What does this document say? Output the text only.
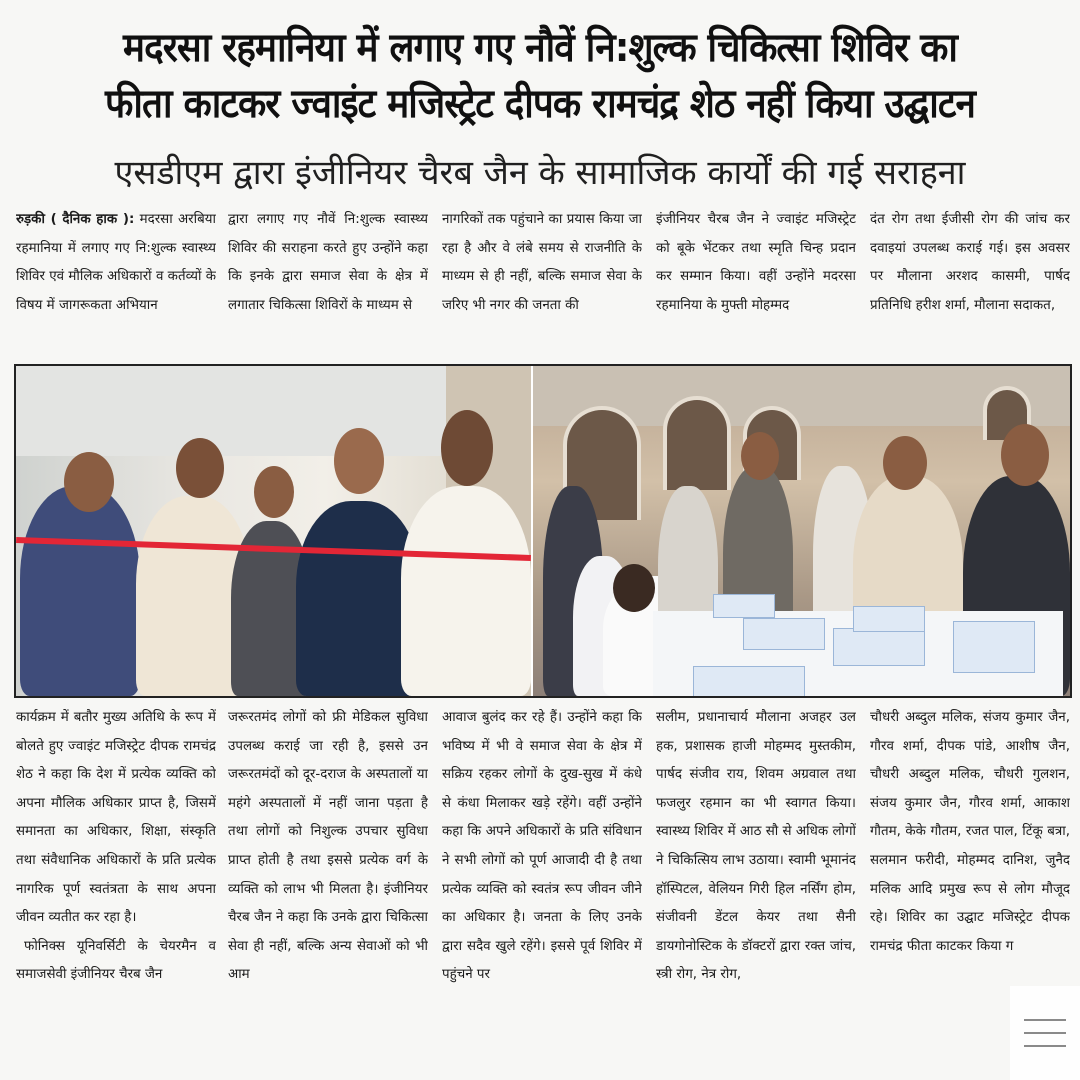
मदरसा रहमानिया में लगाए गए नौवें नि:शुल्क चिकित्सा शिविर का
फीता काटकर ज्वाइंट मजिस्ट्रेट दीपक रामचंद्र शेठ नहीं किया उद्घाटन
एसडीएम द्वारा इंजीनियर चैरब जैन के सामाजिक कार्यों की गई सराहना

रुड़की ( दैनिक हाक ): मदरसा अरबिया रहमानिया में लगाए गए नि:शुल्क स्वास्थ्य शिविर एवं मौलिक अधिकारों व कर्तव्यों के विषय में जागरूकता अभियान

द्वारा लगाए गए नौवें नि:शुल्क स्वास्थ्य शिविर की सराहना करते हुए उन्होंने कहा कि इनके द्वारा समाज सेवा के क्षेत्र में लगातार चिकित्सा शिविरों के माध्यम से

नागरिकों तक पहुंचाने का प्रयास किया जा रहा है और वे लंबे समय से राजनीति के माध्यम से ही नहीं, बल्कि समाज सेवा के जरिए भी नगर की जनता की

इंजीनियर चैरब जैन ने ज्वाइंट मजिस्ट्रेट को बूके भेंटकर तथा स्मृति चिन्ह प्रदान कर सम्मान किया। वहीं उन्होंने मदरसा रहमानिया के मुफ्ती मोहम्मद

दंत रोग तथा ईजीसी रोग की जांच कर दवाइयां उपलब्ध कराई गई। इस अवसर पर मौलाना अरशद कासमी, पार्षद प्रतिनिधि हरीश शर्मा, मौलाना सदाकत,

कार्यक्रम में बतौर मुख्य अतिथि के रूप में बोलते हुए ज्वाइंट मजिस्ट्रेट दीपक रामचंद्र शेठ ने कहा कि देश में प्रत्येक व्यक्ति को अपना मौलिक अधिकार प्राप्त है, जिसमें समानता का अधिकार, शिक्षा, संस्कृति तथा संवैधानिक अधिकारों के प्रति प्रत्येक नागरिक पूर्ण स्वतंत्रता के साथ अपना जीवन व्यतीत कर रहा है।

फोनिक्स यूनिवर्सिटी के चेयरमैन व समाजसेवी इंजीनियर चैरब जैन

जरूरतमंद लोगों को फ्री मेडिकल सुविधा उपलब्ध कराई जा रही है, इससे उन जरूरतमंदों को दूर-दराज के अस्पतालों या महंगे अस्पतालों में नहीं जाना पड़ता है तथा लोगों को निशुल्क उपचार सुविधा प्राप्त होती है तथा इससे प्रत्येक वर्ग के व्यक्ति को लाभ भी मिलता है। इंजीनियर चैरब जैन ने कहा कि उनके द्वारा चिकित्सा सेवा ही नहीं, बल्कि अन्य सेवाओं को भी आम

आवाज बुलंद कर रहे हैं। उन्होंने कहा कि भविष्य में भी वे समाज सेवा के क्षेत्र में सक्रिय रहकर लोगों के दुख-सुख में कंधे से कंधा मिलाकर खड़े रहेंगे। वहीं उन्होंने कहा कि अपने अधिकारों के प्रति संविधान ने सभी लोगों को पूर्ण आजादी दी है तथा प्रत्येक व्यक्ति को स्वतंत्र रूप जीवन जीने का अधिकार है। जनता के लिए उनके द्वारा सदैव खुले रहेंगे। इससे पूर्व शिविर में पहुंचने पर

सलीम, प्रधानाचार्य मौलाना अजहर उल हक, प्रशासक हाजी मोहम्मद मुस्तकीम, पार्षद संजीव राय, शिवम अग्रवाल तथा फजलुर रहमान का भी स्वागत किया। स्वास्थ्य शिविर में आठ सौ से अधिक लोगों ने चिकित्सिय लाभ उठाया। स्वामी भूमानंद हॉस्पिटल, वेलियन गिरी हिल नर्सिंग होम, संजीवनी डेंटल केयर तथा सैनी डायगोनोस्टिक के डॉक्टरों द्वारा रक्त जांच, स्त्री रोग, नेत्र रोग,

चौधरी अब्दुल मलिक, संजय कुमार जैन, गौरव शर्मा, दीपक पांडे, आशीष जैन, चौधरी अब्दुल मलिक, चौधरी गुलशन, संजय कुमार जैन, गौरव शर्मा, आकाश गौतम, केके गौतम, रजत पाल, टिंकू बत्रा, सलमान फरीदी, मोहम्मद दानिश, जुनैद मलिक आदि प्रमुख रूप से लोग मौजूद रहे। शिविर का उद्घाट मजिस्ट्रेट दीपक रामचंद्र फीता काटकर किया ग
